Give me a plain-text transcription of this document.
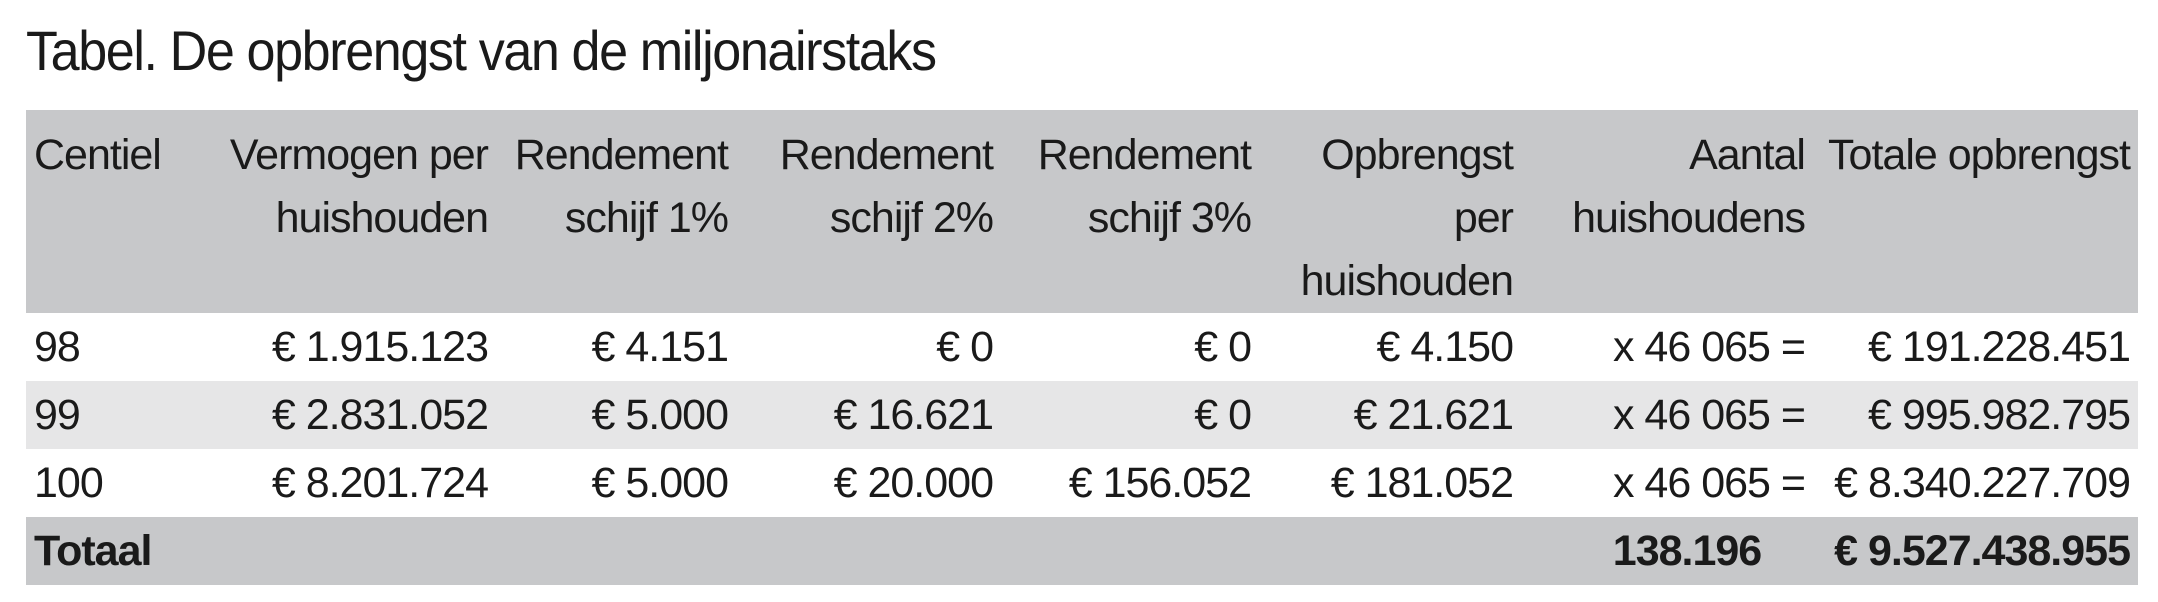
Tabel. De opbrengst van de miljonairstaks
Centiel	Vermogen per huishouden	Rendement schijf 1%	Rendement schijf 2%	Rendement schijf 3%	Opbrengst per huishouden	Aantal huishoudens	Totale opbrengst
98	€ 1.915.123	€ 4.151	€ 0	€ 0	€ 4.150	x 46 065 =	€ 191.228.451
99	€ 2.831.052	€ 5.000	€ 16.621	€ 0	€ 21.621	x 46 065 =	€ 995.982.795
100	€ 8.201.724	€ 5.000	€ 20.000	€ 156.052	€ 181.052	x 46 065 =	€ 8.340.227.709
Totaal						138.196	€ 9.527.438.955
